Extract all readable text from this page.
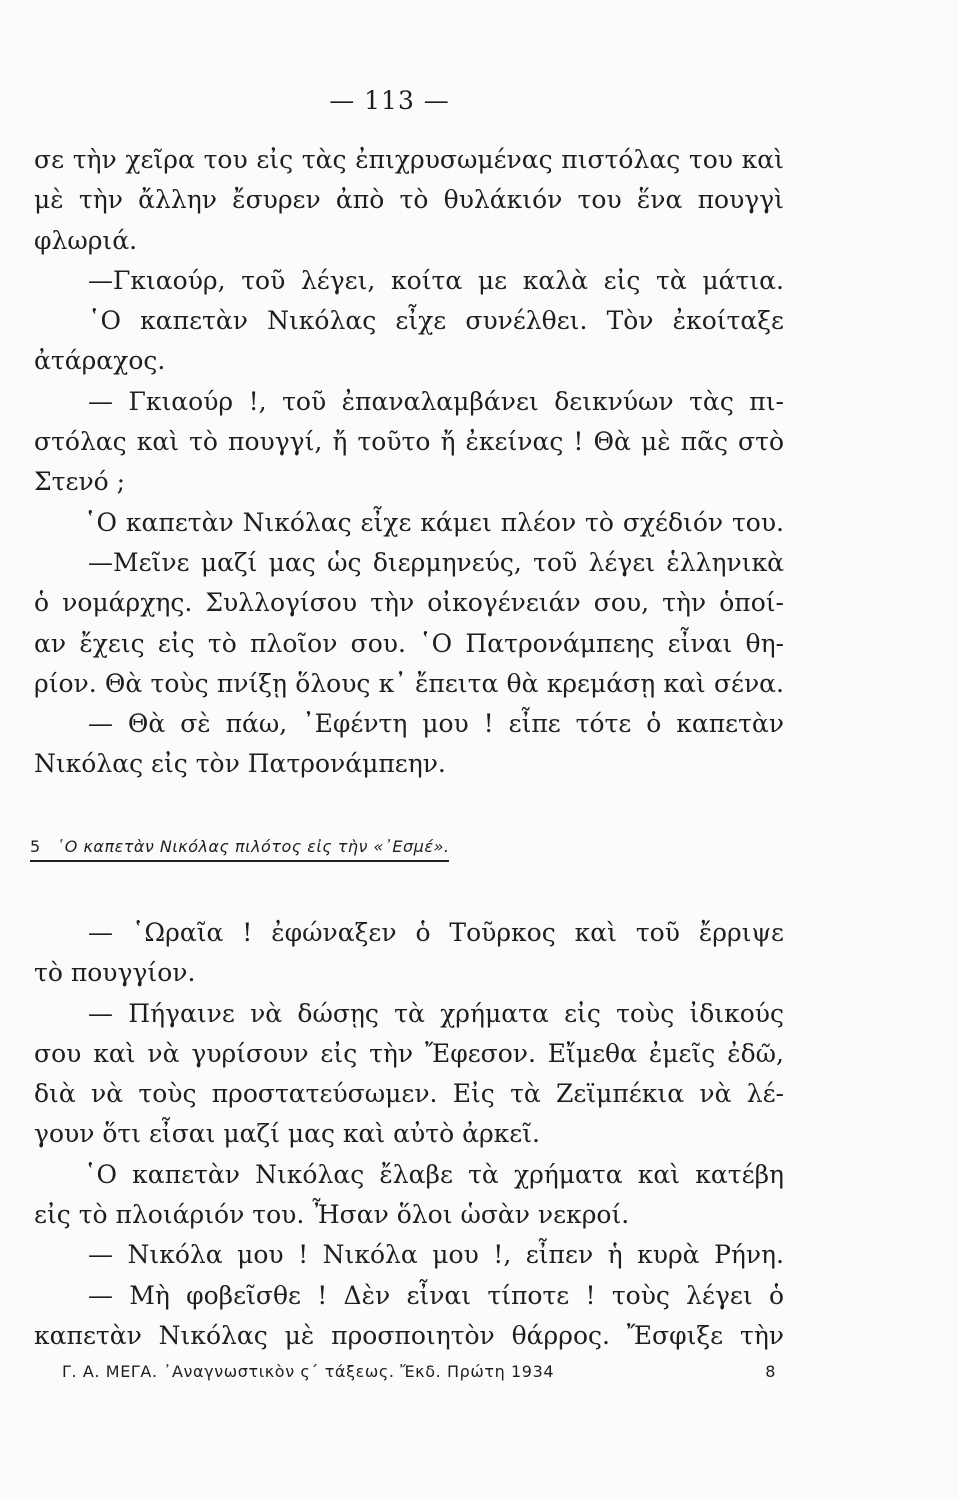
— 113 —
σε τὴν χεῖρα του εἰς τὰς ἐπιχρυσωμένας πιστόλας του καὶ
μὲ τὴν ἄλλην ἔσυρεν ἀπὸ τὸ θυλάκιόν του ἕνα πουγγὶ
φλωριά.
—Γκιαούρ, τοῦ λέγει, κοίτα με καλὰ εἰς τὰ μάτια.
῾Ο καπετὰν Νικόλας εἶχε συνέλθει. Τὸν ἐκοίταξε
ἀτάραχος.
— Γκιαούρ !, τοῦ ἐπαναλαμβάνει δεικνύων τὰς πι-
στόλας καὶ τὸ πουγγί, ἤ τοῦτο ἤ ἐκείνας ! Θὰ μὲ πᾶς στὸ
Στενό ;
῾Ο καπετὰν Νικόλας εἶχε κάμει πλέον τὸ σχέδιόν του.
—Μεῖνε μαζί μας ὡς διερμηνεύς, τοῦ λέγει ἑλληνικὰ
ὁ νομάρχης. Συλλογίσου τὴν οἰκογένειάν σου, τὴν ὁποί-
αν ἔχεις εἰς τὸ πλοῖον σου. ῾Ο Πατρονάμπεης εἶναι θη-
ρίον. Θὰ τοὺς πνίξῃ ὅλους κ᾽ ἔπειτα θὰ κρεμάσῃ καὶ σένα.
— Θὰ σὲ πάω, ᾿Εφέντη μου ! εἶπε τότε ὁ καπετὰν
Νικόλας εἰς τὸν Πατρονάμπεην.
5 ῾Ο καπετὰν Νικόλας πιλότος εἰς τὴν «᾿Εσμέ».
— ῾Ωραῖα ! ἐφώναξεν ὁ Τοῦρκος καὶ τοῦ ἔρριψε
τὸ πουγγίον.
— Πήγαινε νὰ δώσῃς τὰ χρήματα εἰς τοὺς ἰδικούς
σου καὶ νὰ γυρίσουν εἰς τὴν Ἔφεσον. Εἴμεθα ἐμεῖς ἐδῶ,
διὰ νὰ τοὺς προστατεύσωμεν. Εἰς τὰ Ζεϊμπέκια νὰ λέ-
γουν ὅτι εἶσαι μαζί μας καὶ αὐτὸ ἀρκεῖ.
῾Ο καπετὰν Νικόλας ἔλαβε τὰ χρήματα καὶ κατέβη
εἰς τὸ πλοιάριόν του. Ἦσαν ὅλοι ὡσὰν νεκροί.
— Νικόλα μου ! Νικόλα μου !, εἶπεν ἡ κυρὰ Ρήνη.
— Μὴ φοβεῖσθε ! Δὲν εἶναι τίποτε ! τοὺς λέγει ὁ
καπετὰν Νικόλας μὲ προσποιητὸν θάρρος. Ἔσφιξε τὴν
Γ. Α. ΜΕΓΑ. ᾿Αναγνωστικὸν ς´ τάξεως. Ἔκδ. Πρώτη 1934	8
